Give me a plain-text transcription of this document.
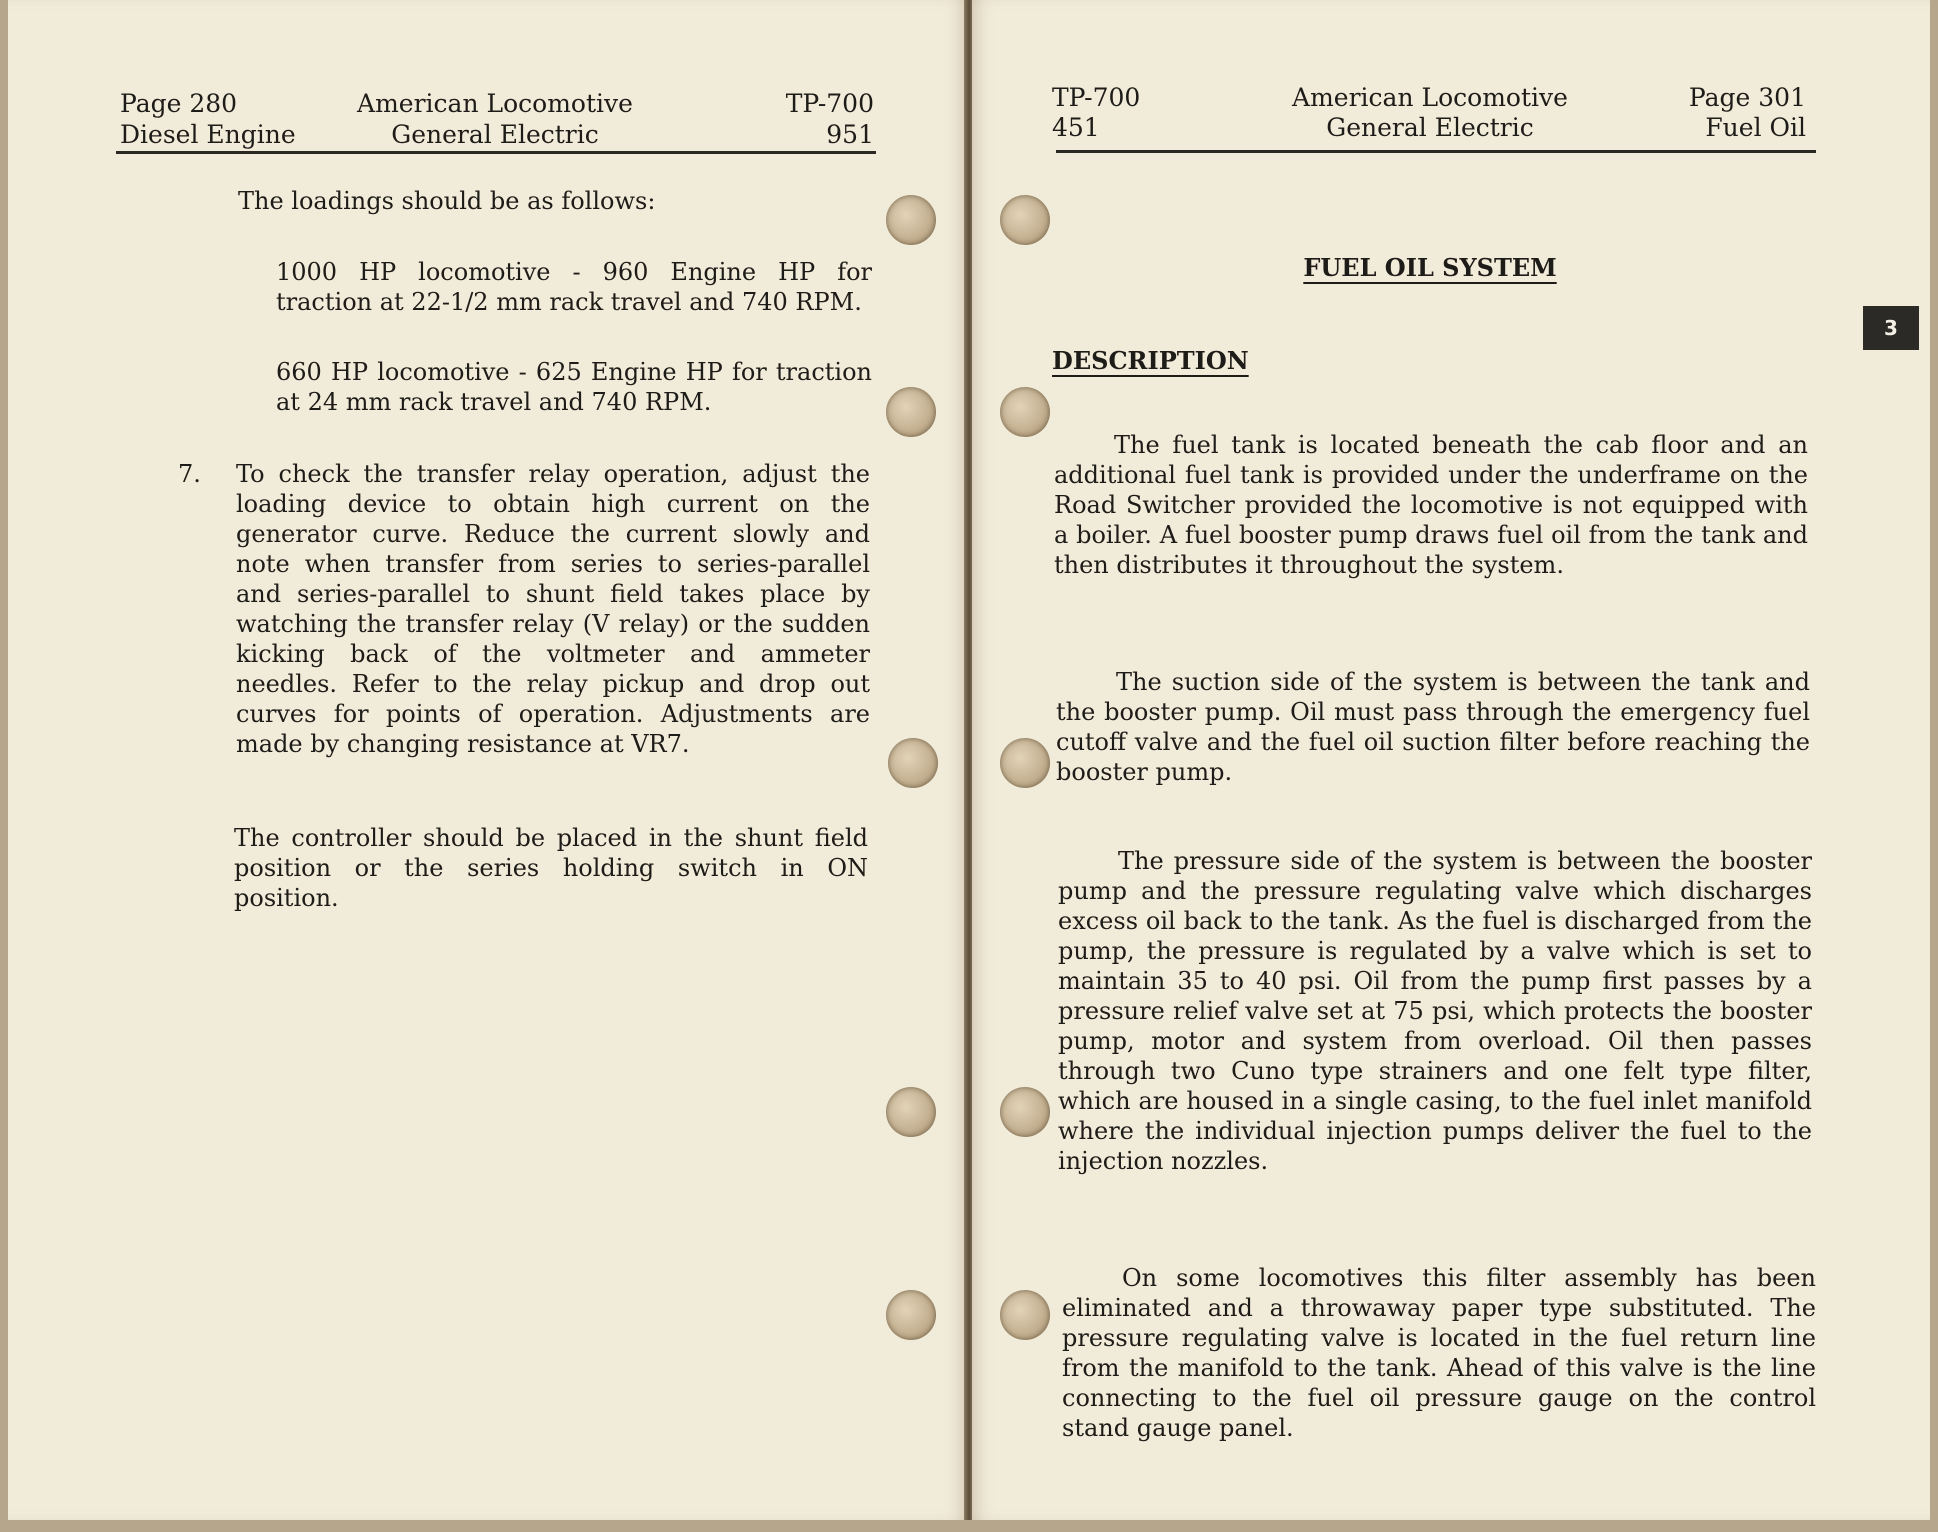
Page 280
Diesel Engine
American Locomotive
General Electric
TP-700
951
The loadings should be as follows:
1000 HP locomotive - 960 Engine HP for traction at 22-1/2 mm rack travel and 740 RPM.
660 HP locomotive - 625 Engine HP for traction at 24 mm rack travel and 740 RPM.
7. To check the transfer relay operation, adjust the loading device to obtain high current on the generator curve. Reduce the current slowly and note when transfer from series to series-parallel and series-parallel to shunt field takes place by watching the transfer relay (V relay) or the sudden kicking back of the voltmeter and ammeter needles. Refer to the relay pickup and drop out curves for points of operation. Adjustments are made by changing resistance at VR7.
The controller should be placed in the shunt field position or the series holding switch in ON position.
TP-700
451
American Locomotive
General Electric
Page 301
Fuel Oil
FUEL OIL SYSTEM
DESCRIPTION
The fuel tank is located beneath the cab floor and an additional fuel tank is provided under the underframe on the Road Switcher provided the locomotive is not equipped with a boiler. A fuel booster pump draws fuel oil from the tank and then distributes it throughout the system.
The suction side of the system is between the tank and the booster pump. Oil must pass through the emergency fuel cutoff valve and the fuel oil suction filter before reaching the booster pump.
The pressure side of the system is between the booster pump and the pressure regulating valve which discharges excess oil back to the tank. As the fuel is discharged from the pump, the pressure is regulated by a valve which is set to maintain 35 to 40 psi. Oil from the pump first passes by a pressure relief valve set at 75 psi, which protects the booster pump, motor and system from overload. Oil then passes through two Cuno type strainers and one felt type filter, which are housed in a single casing, to the fuel inlet manifold where the individual injection pumps deliver the fuel to the injection nozzles.
On some locomotives this filter assembly has been eliminated and a throwaway paper type substituted. The pressure regulating valve is located in the fuel return line from the manifold to the tank. Ahead of this valve is the line connecting to the fuel oil pressure gauge on the control stand gauge panel.
3
